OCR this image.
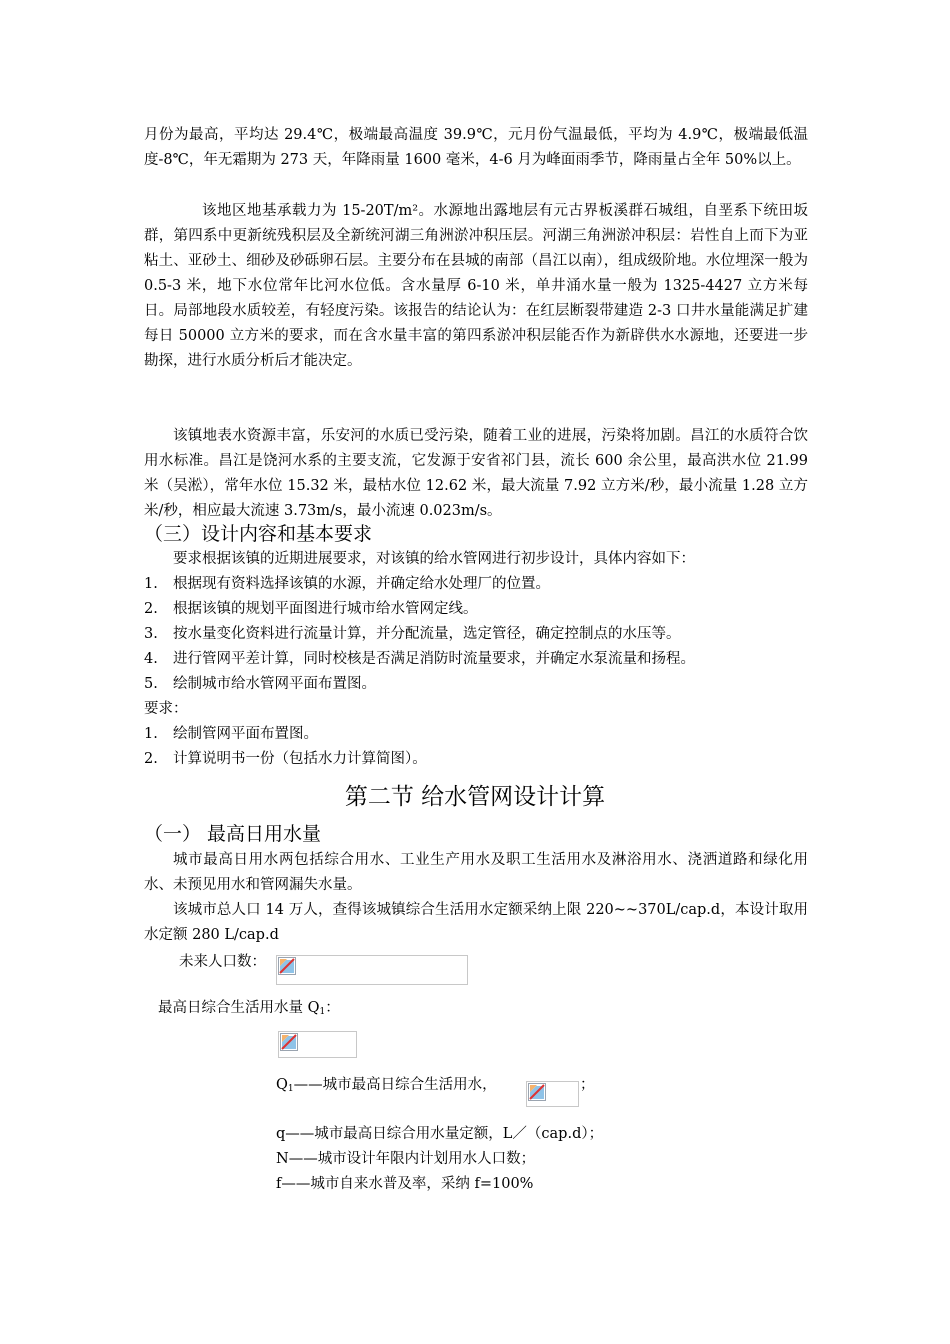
月份为最高，平均达 29.4℃，极端最高温度 39.9℃，元月份气温最低，平均为 4.9℃，极端最低温度-8℃，年无霜期为 273 天，年降雨量 1600 毫米，4-6 月为峰面雨季节，降雨量占全年 50%以上。
该地区地基承载力为 15-20T/m²。水源地出露地层有元古界板溪群石城组，自垩系下统田坂群，第四系中更新统残积层及全新统河湖三角洲淤冲积压层。河湖三角洲淤冲积层：岩性自上而下为亚粘土、亚砂土、细砂及砂砾卵石层。主要分布在县城的南部（昌江以南），组成级阶地。水位埋深一般为 0.5-3 米，地下水位常年比河水位低。含水量厚 6-10 米，单井涌水量一般为 1325-4427 立方米每日。局部地段水质较差，有轻度污染。该报告的结论认为：在红层断裂带建造 2-3 口井水量能满足扩建每日 50000 立方米的要求，而在含水量丰富的第四系淤冲积层能否作为新辟供水水源地，还要进一步勘探，进行水质分析后才能决定。
该镇地表水资源丰富，乐安河的水质已受污染，随着工业的进展，污染将加剧。昌江的水质符合饮用水标准。昌江是饶河水系的主要支流，它发源于安省祁门县，流长 600 余公里，最高洪水位 21.99 米（吴淞），常年水位 15.32 米，最枯水位 12.62 米，最大流量 7.92 立方米/秒，最小流量 1.28 立方米/秒，相应最大流速 3.73m/s，最小流速 0.023m/s。
（三）设计内容和基本要求
要求根据该镇的近期进展要求，对该镇的给水管网进行初步设计，具体内容如下：
1. 根据现有资料选择该镇的水源，并确定给水处理厂的位置。
2. 根据该镇的规划平面图进行城市给水管网定线。
3. 按水量变化资料进行流量计算，并分配流量，选定管径，确定控制点的水压等。
4. 进行管网平差计算，同时校核是否满足消防时流量要求，并确定水泵流量和扬程。
5. 绘制城市给水管网平面布置图。
要求：
1. 绘制管网平面布置图。
2. 计算说明书一份（包括水力计算简图）。
第二节 给水管网设计计算
（一） 最高日用水量
城市最高日用水两包括综合用水、工业生产用水及职工生活用水及淋浴用水、浇洒道路和绿化用水、未预见用水和管网漏失水量。
该城市总人口 14 万人，查得该城镇综合生活用水定额采纳上限 220~~370L/cap.d，本设计取用水定额 280 L/cap.d
未来人口数：
最高日综合生活用水量 $Q_1$：
$Q_1——$城市最高日综合生活用水，	；
q——城市最高日综合用水量定额，L／（cap.d）；
N——城市设计年限内计划用水人口数；
f——城市自来水普及率，采纳 f=100%
